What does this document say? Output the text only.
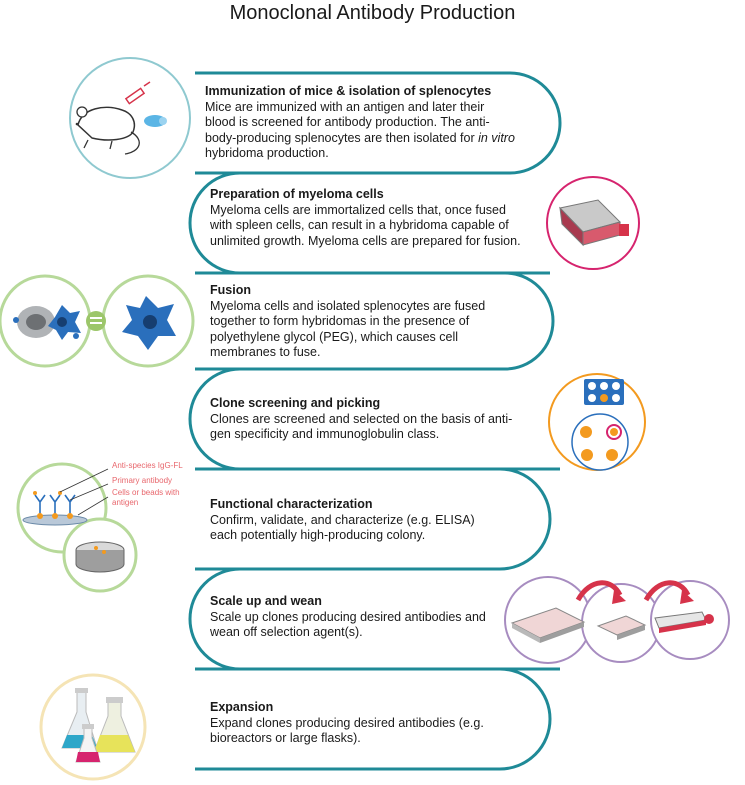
Monoclonal Antibody Production
Immunization of mice & isolation of splenocytes
Mice are immunized with an antigen and later their
blood is screened for antibody production. The anti-
body-producing splenocytes are then isolated for in vitro
hybridoma production.
Preparation of myeloma cells
Myeloma cells are immortalized cells that, once fused
with spleen cells, can result in a hybridoma capable of
unlimited growth. Myeloma cells are prepared for fusion.
Fusion
Myeloma cells and isolated splenocytes are fused
together to form hybridomas in the presence of
polyethylene glycol (PEG), which causes cell
membranes to fuse.
Clone screening and picking
Clones are screened and selected on the basis of anti-
gen specificity and immunoglobulin class.
Functional characterization
Confirm, validate, and characterize (e.g. ELISA)
each potentially high-producing colony.
Scale up and wean
Scale up clones producing desired antibodies and
wean off selection agent(s).
Expansion
Expand clones producing desired antibodies (e.g.
bioreactors or large flasks).
Anti-species IgG-FL
Primary antibody
Cells or beads with
antigen
